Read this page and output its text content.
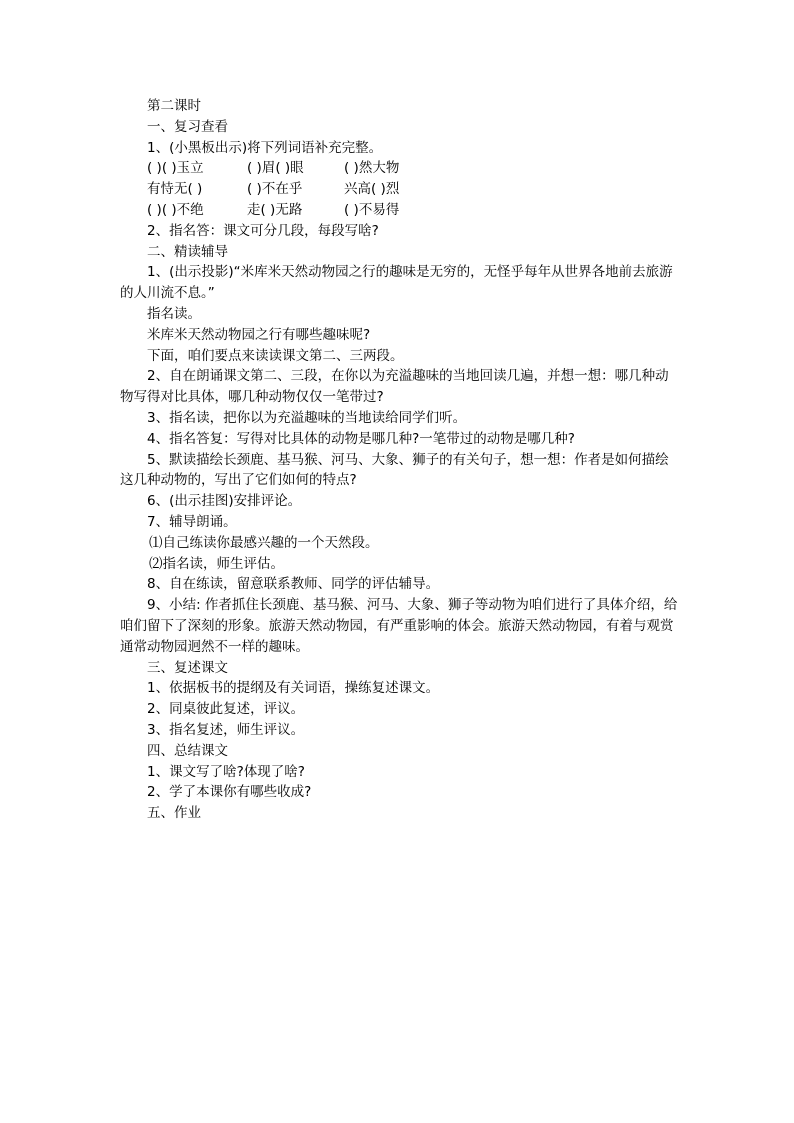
第二课时
一、复习查看
1、(小黑板出示)将下列词语补充完整。
( )( )玉立	( )眉( )眼	( )然大物
有恃无( )	( )不在乎	兴高( )烈
( )( )不绝	走( )无路	( )不易得
2、指名答：课文可分几段，每段写啥?
二、精读辅导
1、(出示投影)“米库米天然动物园之行的趣味是无穷的，无怪乎每年从世界各地前去旅游的人川流不息。”
指名读。
米库米天然动物园之行有哪些趣味呢?
下面，咱们要点来读读课文第二、三两段。
2、自在朗诵课文第二、三段，在你以为充溢趣味的当地回读几遍，并想一想：哪几种动物写得对比具体，哪几种动物仅仅一笔带过?
3、指名读，把你以为充溢趣味的当地读给同学们听。
4、指名答复：写得对比具体的动物是哪几种?一笔带过的动物是哪几种?
5、默读描绘长颈鹿、基马猴、河马、大象、狮子的有关句子，想一想：作者是如何描绘这几种动物的，写出了它们如何的特点?
6、(出示挂图)安排评论。
7、辅导朗诵。
⑴自己练读你最感兴趣的一个天然段。
⑵指名读，师生评估。
8、自在练读，留意联系教师、同学的评估辅导。
9、小结: 作者抓住长颈鹿、基马猴、河马、大象、狮子等动物为咱们进行了具体介绍，给咱们留下了深刻的形象。旅游天然动物园，有严重影响的体会。旅游天然动物园，有着与观赏通常动物园迥然不一样的趣味。
三、复述课文
1、依据板书的提纲及有关词语，操练复述课文。
2、同桌彼此复述，评议。
3、指名复述，师生评议。
四、总结课文
1、课文写了啥?体现了啥?
2、学了本课你有哪些收成?
五、作业
